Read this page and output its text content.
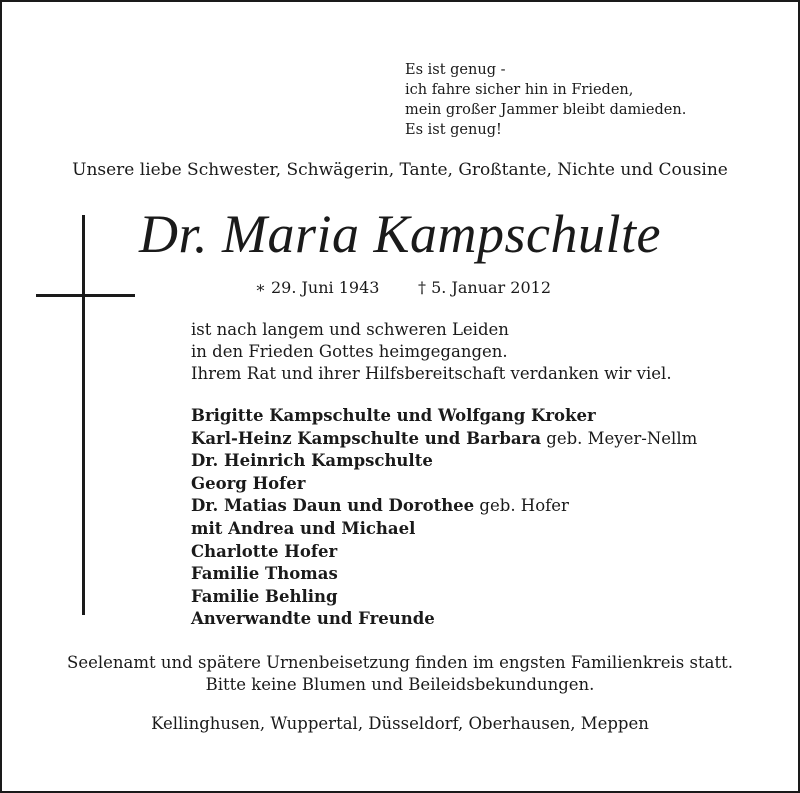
Es ist genug -
ich fahre sicher hin in Frieden,
mein großer Jammer bleibt damieden.
Es ist genug!
Unsere liebe Schwester, Schwägerin, Tante, Großtante, Nichte und Cousine
Dr. Maria Kampschulte
∗ 29. Juni 1943 † 5. Januar 2012
ist nach langem und schweren Leiden
in den Frieden Gottes heimgegangen.
Ihrem Rat und ihrer Hilfsbereitschaft verdanken wir viel.
Brigitte Kampschulte und Wolfgang Kroker
Karl-Heinz Kampschulte und Barbara geb. Meyer-Nellm
Dr. Heinrich Kampschulte
Georg Hofer
Dr. Matias Daun und Dorothee geb. Hofer
mit Andrea und Michael
Charlotte Hofer
Familie Thomas
Familie Behling
Anverwandte und Freunde
Seelenamt und spätere Urnenbeisetzung finden im engsten Familienkreis statt.
Bitte keine Blumen und Beileidsbekundungen.
Kellinghusen, Wuppertal, Düsseldorf, Oberhausen, Meppen
